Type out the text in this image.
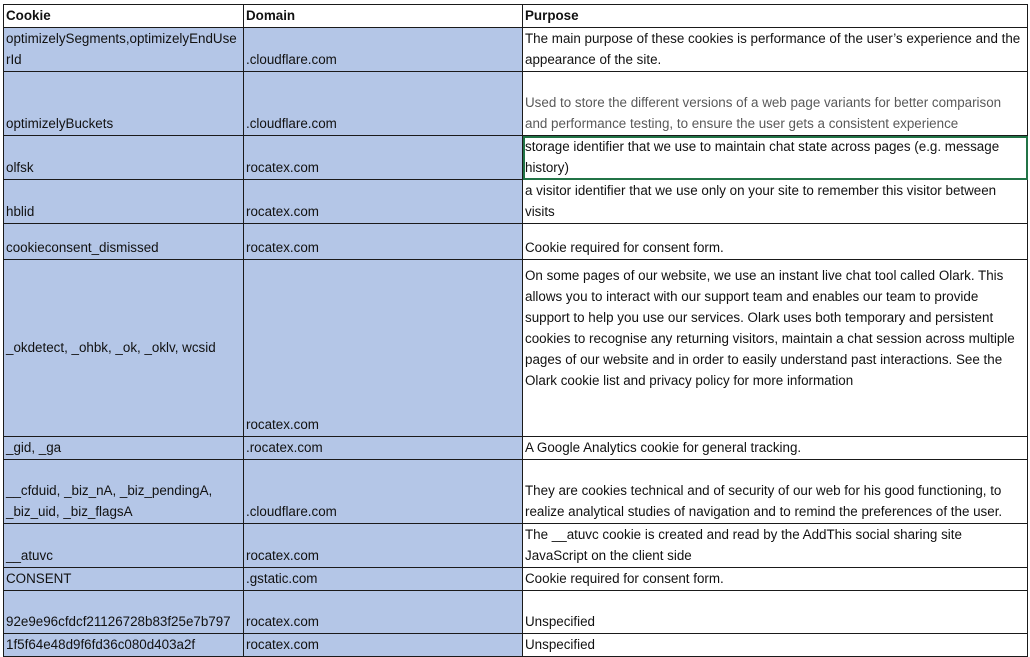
Cookie	Domain	Purpose
optimizelySegments,optimizelyEndUserId	.cloudflare.com	The main purpose of these cookies is performance of the user’s experience and the appearance of the site.
optimizelyBuckets	.cloudflare.com	Used to store the different versions of a web page variants for better comparison and performance testing, to ensure the user gets a consistent experience
olfsk	rocatex.com	storage identifier that we use to maintain chat state across pages (e.g. message history)
hblid	rocatex.com	a visitor identifier that we use only on your site to remember this visitor between visits
cookieconsent_dismissed	rocatex.com	Cookie required for consent form.
_okdetect, _ohbk, _ok, _oklv, wcsid	rocatex.com	On some pages of our website, we use an instant live chat tool called Olark. This allows you to interact with our support team and enables our team to provide support to help you use our services. Olark uses both temporary and persistent cookies to recognise any returning visitors, maintain a chat session across multiple pages of our website and in order to easily understand past interactions. See the Olark cookie list and privacy policy for more information
_gid, _ga	.rocatex.com	A Google Analytics cookie for general tracking.
__cfduid, _biz_nA, _biz_pendingA, _biz_uid, _biz_flagsA	.cloudflare.com	They are cookies technical and of security of our web for his good functioning, to realize analytical studies of navigation and to remind the preferences of the user.
__atuvc	rocatex.com	The __atuvc cookie is created and read by the AddThis social sharing site JavaScript on the client side
CONSENT	.gstatic.com	Cookie required for consent form.
92e9e96cfdcf21126728b83f25e7b797	rocatex.com	Unspecified
1f5f64e48d9f6fd36c080d403a2f	rocatex.com	Unspecified
